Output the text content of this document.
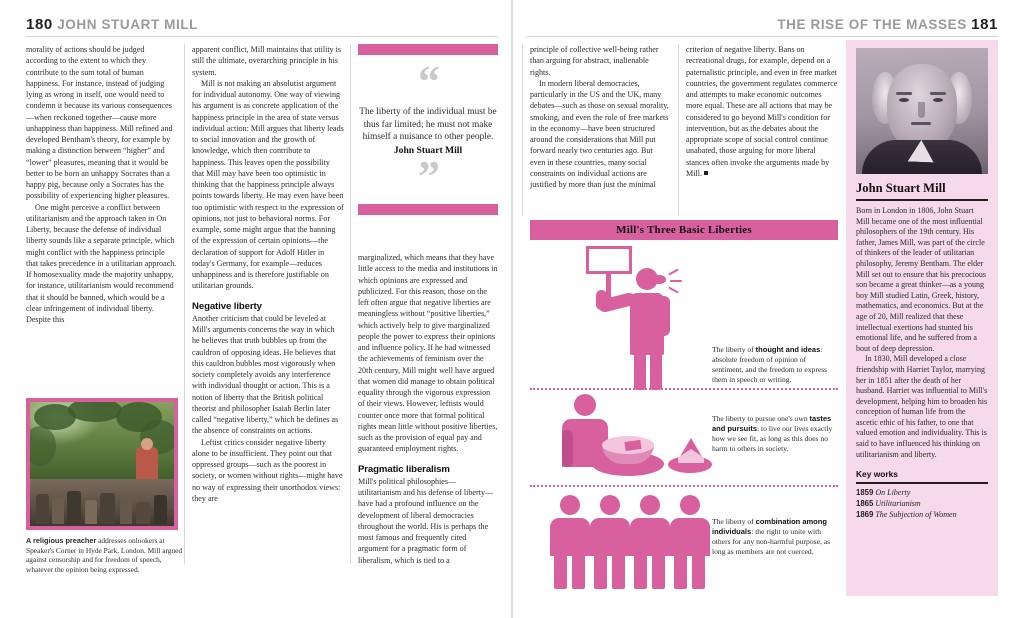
180 JOHN STUART MILL	THE RISE OF THE MASSES 181

morality of actions should be judged according to the extent to which they contribute to the sum total of human happiness. For instance, instead of judging lying as wrong in itself, one would need to condemn it because its various consequences—when reckoned together—cause more unhappiness than happiness. Mill refined and developed Bentham's theory, for example by making a distinction between “higher” and “lower” pleasures, meaning that it would be better to be born an unhappy Socrates than a happy pig, because only a Socrates has the possibility of experiencing higher pleasures.

One might perceive a conflict between utilitarianism and the approach taken in On Liberty, because the defense of individual liberty sounds like a separate principle, which might conflict with the happiness principle that takes precedence in a utilitarian approach. If homosexuality made the majority unhappy, for instance, utilitarianism would recommend that it should be banned, which would be a clear infringement of individual liberty. Despite this

A religious preacher addresses onlookers at Speaker's Corner in Hyde Park, London. Mill argued against censorship and for freedom of speech, whatever the opinion being expressed.

apparent conflict, Mill maintains that utility is still the ultimate, overarching principle in his system.

Mill is not making an absolutist argument for individual autonomy. One way of viewing his argument is as concrete application of the happiness principle in the area of state versus individual action: Mill argues that liberty leads to social innovation and the growth of knowledge, which then contribute to happiness. This leaves open the possibility that Mill may have been too optimistic in thinking that the happiness principle always points towards liberty. He may even have been too optimistic with respect to the expression of opinions, not just to behavioral norms. For example, some might argue that the banning of the expression of certain opinions—the declaration of support for Adolf Hitler in today's Germany, for example—reduces unhappiness and is therefore justifiable on utilitarian grounds.

Negative liberty

Another criticism that could be leveled at Mill's arguments concerns the way in which he believes that truth bubbles up from the cauldron of opposing ideas. He believes that this cauldron bubbles most vigorously when society completely avoids any interference with individual thought or action. This is a notion of liberty that the British political theorist and philosopher Isaiah Berlin later called “negative liberty,” which he defines as the absence of constraints on actions.

Leftist critics consider negative liberty alone to be insufficient. They point out that oppressed groups—such as the poorest in society, or women without rights—might have no way of expressing their unorthodox views: they are

“
The liberty of the individual must be thus far limited; he must not make himself a nuisance to other people.
John Stuart Mill
”

marginalized, which means that they have little access to the media and institutions in which opinions are expressed and publicized. For this reason, those on the left often argue that negative liberties are meaningless without “positive liberties,” which actively help to give marginalized people the power to express their opinions and influence policy. If he had witnessed the achievements of feminism over the 20th century, Mill might well have argued that women did manage to obtain political equality through the vigorous expression of their views. However, leftists would counter once more that formal political rights mean little without positive liberties, such as the provision of equal pay and guaranteed employment rights.

Pragmatic liberalism

Mill's political philosophies—utilitarianism and his defense of liberty—have had a profound influence on the development of liberal democracies throughout the world. His is perhaps the most famous and frequently cited argument for a pragmatic form of liberalism, which is tied to a

principle of collective well-being rather than arguing for abstract, inalienable rights.

In modern liberal democracies, particularly in the US and the UK, many debates—such as those on sexual morality, smoking, and even the role of free markets in the economy—have been structured around the considerations that Mill put forward nearly two centuries ago. But even in these countries, many social constraints on individual actions are justified by more than just the minimal

criterion of negative liberty. Bans on recreational drugs, for example, depend on a paternalistic principle, and even in free market countries, the government regulates commerce and attempts to make economic outcomes more equal. These are all actions that may be considered to go beyond Mill's condition for intervention, but as the debates about the appropriate scope of social control continue unabated, those arguing for more liberal stances often invoke the arguments made by Mill.

Mill's Three Basic Liberties
The liberty of thought and ideas: absolute freedom of opinion of sentiment, and the freedom to express them in speech or writing.
The liberty to pursue one's own tastes and pursuits: to live our lives exactly how we see fit, as long as this does no harm to others in society.
The liberty of combination among individuals: the right to unite with others for any non-harmful purpose, as long as members are not coerced.
John Stuart Mill

Born in London in 1806, John Stuart Mill became one of the most influential philosophers of the 19th century. His father, James Mill, was part of the circle of thinkers of the leader of utilitarian philosophy, Jeremy Bentham. The elder Mill set out to ensure that his precocious son became a great thinker—as a young boy Mill studied Latin, Greek, history, mathematics, and economics. But at the age of 20, Mill realized that these intellectual exertions had stunted his emotional life, and he suffered from a bout of deep depression.

In 1830, Mill developed a close friendship with Harriet Taylor, marrying her in 1851 after the death of her husband. Harriet was influential to Mill's development, helping him to broaden his conception of human life from the ascetic ethic of his father, to one that valued emotion and individuality. This is said to have influenced his thinking on utilitarianism and liberty.

Key works
1859 On Liberty
1865 Utilitarianism
1869 The Subjection of Women
